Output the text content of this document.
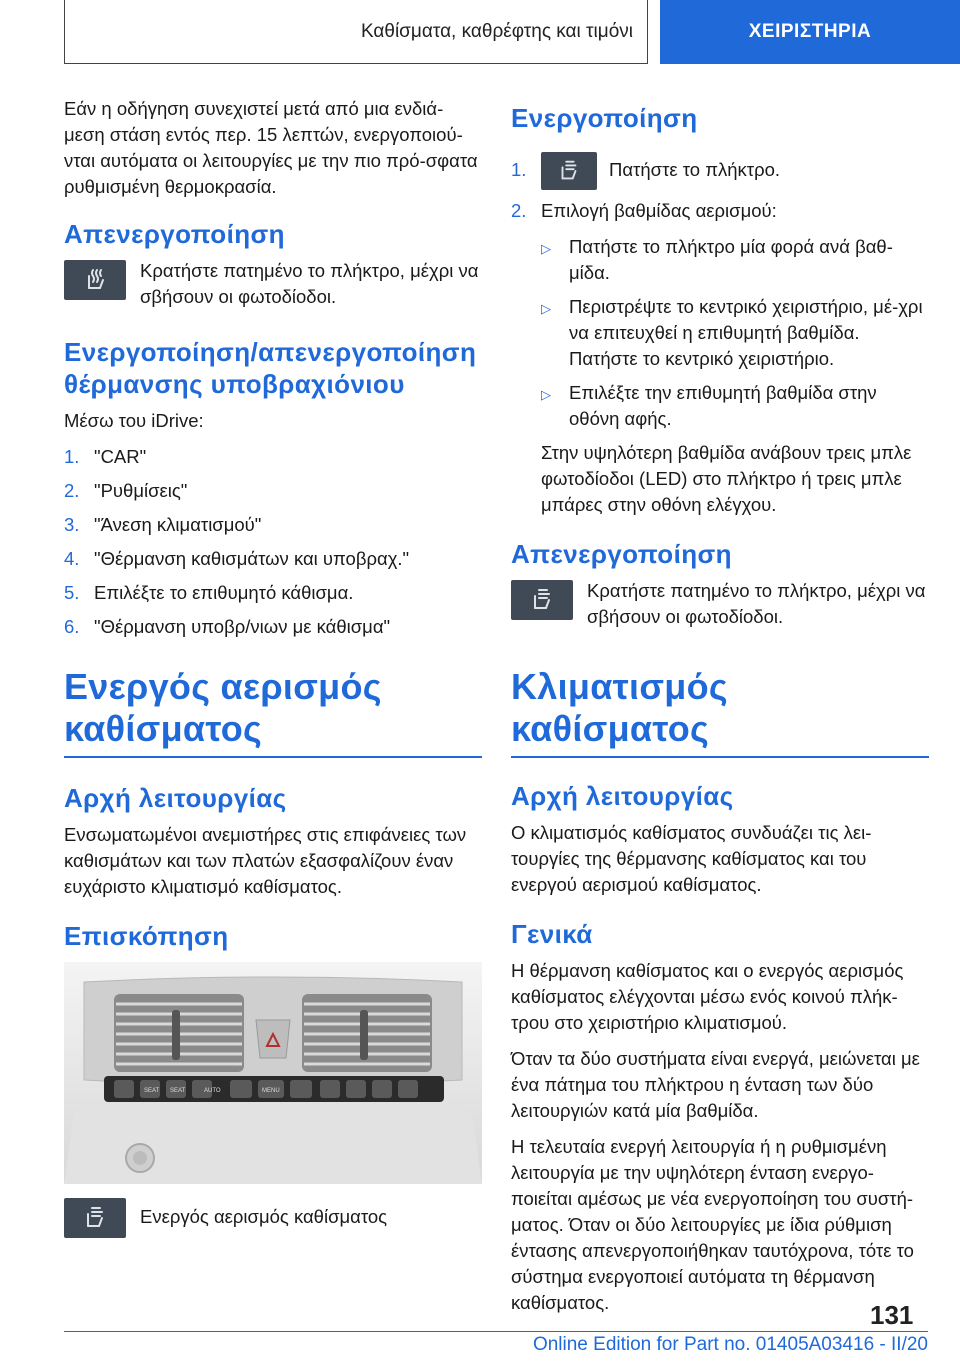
Καθίσματα, καθρέφτης και τιμόνι	ΧΕΙΡΙΣΤΗΡΙΑ

Εάν η οδήγηση συνεχιστεί μετά από μια ενδιά-μεση στάση εντός περ. 15 λεπτών, ενεργοποιού-νται αυτόματα οι λειτουργίες με την πιο πρό-σφατα ρυθμισμένη θερμοκρασία.

Απενεργοποίηση
Κρατήστε πατημένο το πλήκτρο, μέχρι να σβήσουν οι φωτοδίοδοι.
Ενεργοποίηση/απενεργοποίηση θέρμανσης υποβραχιόνιου

Μέσω του iDrive:

1. "CAR"
2. "Ρυθμίσεις"
3. "Άνεση κλιματισμού"
4. "Θέρμανση καθισμάτων και υποβραχ."
5. Επιλέξτε το επιθυμητό κάθισμα.
6. "Θέρμανση υποβρ/νιων με κάθισμα"
Ενεργός αερισμός καθίσματος
Αρχή λειτουργίας

Ενσωματωμένοι ανεμιστήρες στις επιφάνειες των καθισμάτων και των πλατών εξασφαλίζουν έναν ευχάριστο κλιματισμό καθίσματος.

Επισκόπηση
SEAT SEAT	AUTO	MENU
Ενεργός αερισμός καθίσματος
Ενεργοποίηση
1.	Πατήστε το πλήκτρο.
2. Επιλογή βαθμίδας αερισμού:
▷ Πατήστε το πλήκτρο μία φορά ανά βαθ-μίδα.
▷ Περιστρέψτε το κεντρικό χειριστήριο, μέ-χρι να επιτευχθεί η επιθυμητή βαθμίδα. Πατήστε το κεντρικό χειριστήριο.
▷ Επιλέξτε την επιθυμητή βαθμίδα στην οθόνη αφής.

Στην υψηλότερη βαθμίδα ανάβουν τρεις μπλε φωτοδίοδοι (LED) στο πλήκτρο ή τρεις μπλε μπάρες στην οθόνη ελέγχου.

Απενεργοποίηση
Κρατήστε πατημένο το πλήκτρο, μέχρι να σβήσουν οι φωτοδίοδοι.
Κλιματισμός καθίσματος
Αρχή λειτουργίας

Ο κλιματισμός καθίσματος συνδυάζει τις λει-τουργίες της θέρμανσης καθίσματος και του ενεργού αερισμού καθίσματος.

Γενικά

Η θέρμανση καθίσματος και ο ενεργός αερισμός καθίσματος ελέγχονται μέσω ενός κοινού πλήκ-τρου στο χειριστήριο κλιματισμού.

Όταν τα δύο συστήματα είναι ενεργά, μειώνεται με ένα πάτημα του πλήκτρου η ένταση των δύο λειτουργιών κατά μία βαθμίδα.

Η τελευταία ενεργή λειτουργία ή η ρυθμισμένη λειτουργία με την υψηλότερη ένταση ενεργο-ποιείται αμέσως με νέα ενεργοποίηση του συστή-ματος. Όταν οι δύο λειτουργίες με ίδια ρύθμιση έντασης απενεργοποιήθηκαν ταυτόχρονα, τότε το σύστημα ενεργοποιεί αυτόματα τη θέρμανση καθίσματος.	131
Online Edition for Part no. 01405A03416 - II/20
